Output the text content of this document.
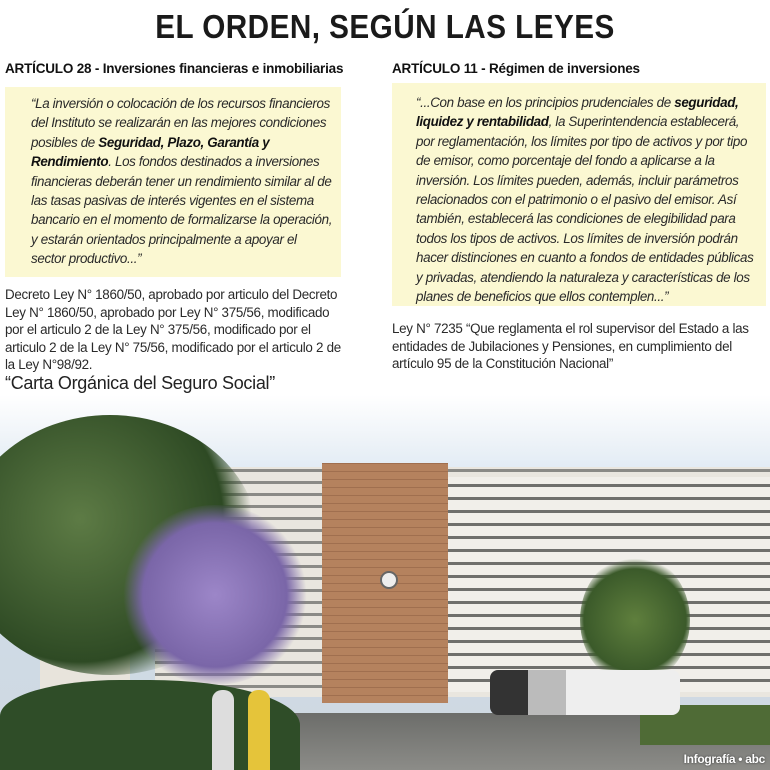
EL ORDEN, SEGÚN LAS LEYES
ARTÍCULO 28 - Inversiones financieras e inmobiliarias
“La inversión o colocación de los recursos financieros del Instituto se realizarán en las mejores condiciones posibles de Seguridad, Plazo, Garantía y Rendimiento. Los fondos destinados a inversiones financieras deberán tener un rendimiento similar al de las tasas pasivas de interés vigentes en el sistema bancario en el momento de formalizarse la operación, y estarán orientados principalmente a apoyar el sector productivo...”
Decreto Ley N° 1860/50, aprobado por articulo del Decreto Ley N° 1860/50, aprobado por Ley N° 375/56, modificado por el articulo 2 de la Ley N° 375/56, modificado por el articulo 2 de la Ley N° 75/56, modificado por el articulo 2 de la Ley N°98/92.
“Carta Orgánica del Seguro Social”
ARTÍCULO 11 - Régimen de inversiones
“...Con base en los principios prudenciales de seguridad, liquidez y rentabilidad, la Superintendencia establecerá, por reglamentación, los límites por tipo de activos y por tipo de emisor, como porcentaje del fondo a aplicarse a la inversión. Los límites pueden, además, incluir parámetros relacionados con el patrimonio o el pasivo del emisor. Así también, establecerá las condiciones de elegibilidad para todos los tipos de activos. Los límites de inversión podrán hacer distinciones en cuanto a fondos de entidades públicas y privadas, atendiendo la naturaleza y características de los planes de beneficios que ellos contemplen...”
Ley N° 7235 “Que reglamenta el rol supervisor del Estado a las entidades de Jubilaciones y Pensiones, en cumplimiento del artículo 95 de la Constitución Nacional”
Infografía • abc
